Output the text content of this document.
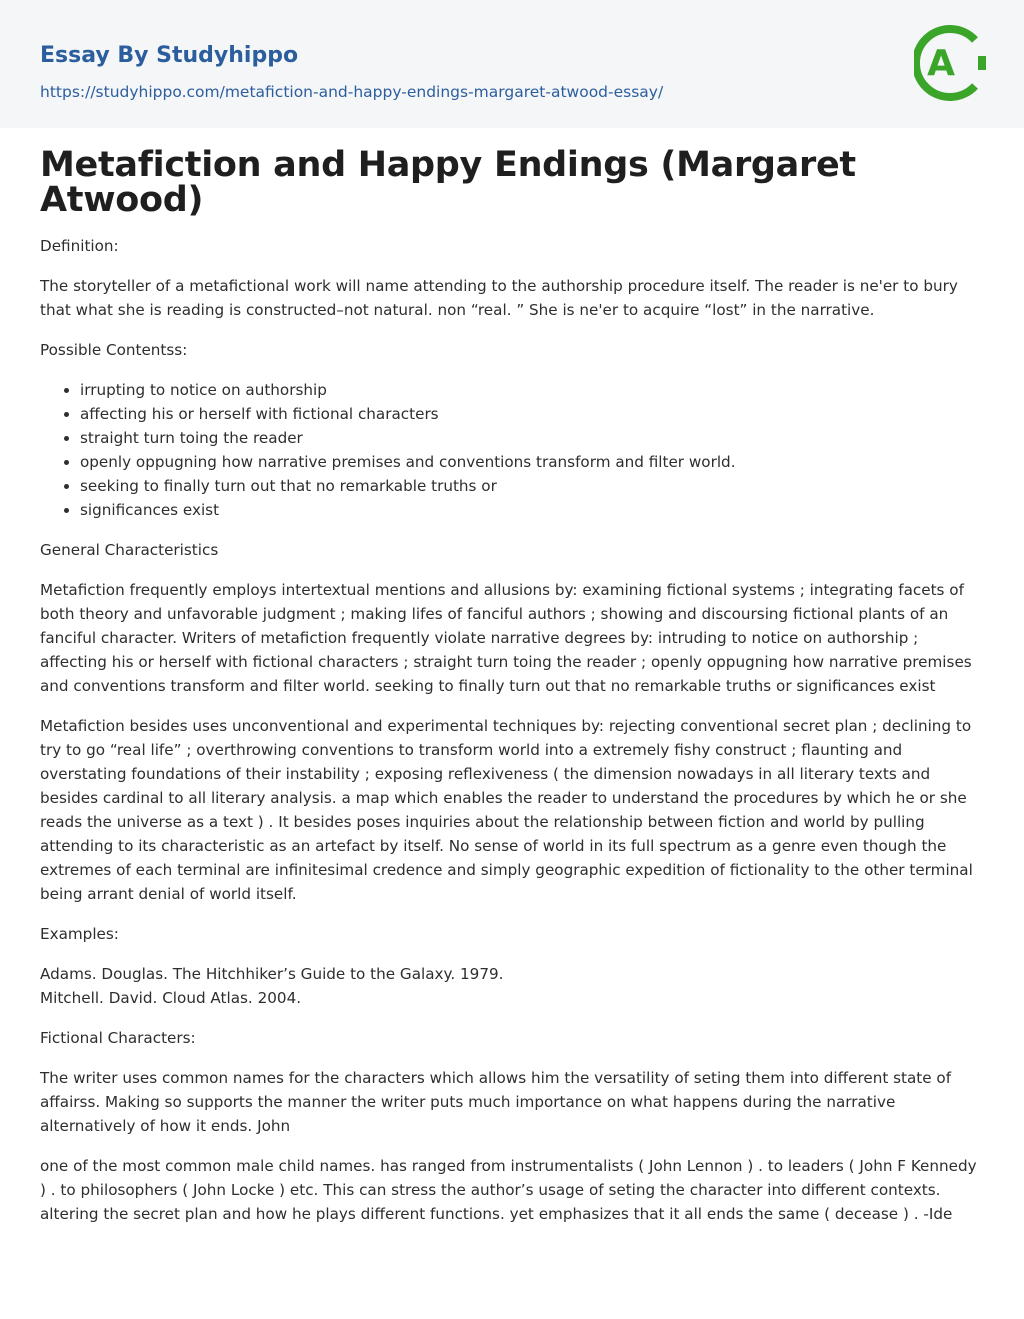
Essay By Studyhippo
https://studyhippo.com/metafiction-and-happy-endings-margaret-atwood-essay/
A
Metafiction and Happy Endings (Margaret Atwood)

Definition:

The storyteller of a metafictional work will name attending to the authorship procedure itself. The reader is ne'er to bury that what she is reading is constructed–not natural. non “real. ” She is ne'er to acquire “lost” in the narrative.

Possible Contentss:

• irrupting to notice on authorship
• affecting his or herself with fictional characters
• straight turn toing the reader
• openly oppugning how narrative premises and conventions transform and filter world.
• seeking to finally turn out that no remarkable truths or
• significances exist

General Characteristics

Metafiction frequently employs intertextual mentions and allusions by: examining fictional systems ; integrating facets of both theory and unfavorable judgment ; making lifes of fanciful authors ; showing and discoursing fictional plants of an fanciful character. Writers of metafiction frequently violate narrative degrees by: intruding to notice on authorship ; affecting his or herself with fictional characters ; straight turn toing the reader ; openly oppugning how narrative premises and conventions transform and filter world. seeking to finally turn out that no remarkable truths or significances exist

Metafiction besides uses unconventional and experimental techniques by: rejecting conventional secret plan ; declining to try to go “real life” ; overthrowing conventions to transform world into a extremely fishy construct ; flaunting and overstating foundations of their instability ; exposing reflexiveness ( the dimension nowadays in all literary texts and besides cardinal to all literary analysis. a map which enables the reader to understand the procedures by which he or she reads the universe as a text ) . It besides poses inquiries about the relationship between fiction and world by pulling attending to its characteristic as an artefact by itself. No sense of world in its full spectrum as a genre even though the extremes of each terminal are infinitesimal credence and simply geographic expedition of fictionality to the other terminal being arrant denial of world itself.

Examples:

Adams. Douglas. The Hitchhiker’s Guide to the Galaxy. 1979.
Mitchell. David. Cloud Atlas. 2004.

Fictional Characters:

The writer uses common names for the characters which allows him the versatility of seting them into different state of affairss. Making so supports the manner the writer puts much importance on what happens during the narrative alternatively of how it ends. John

one of the most common male child names. has ranged from instrumentalists ( John Lennon ) . to leaders ( John F Kennedy ) . to philosophers ( John Locke ) etc. This can stress the author’s usage of seting the character into different contexts. altering the secret plan and how he plays different functions. yet emphasizes that it all ends the same ( decease ) . -Ide
